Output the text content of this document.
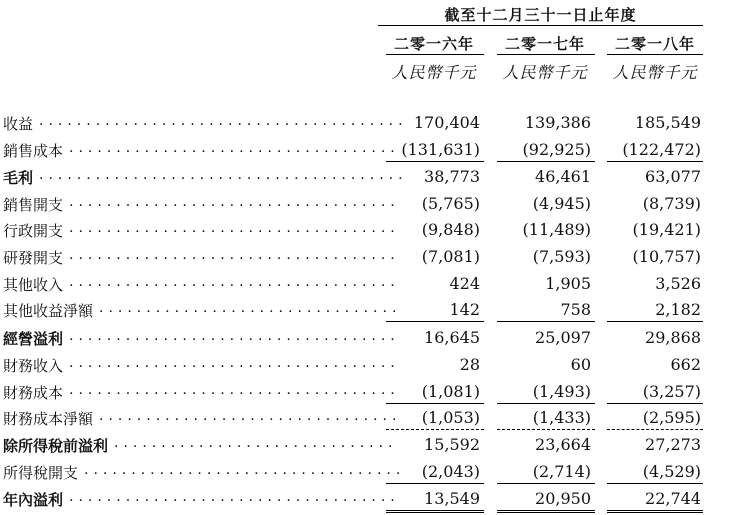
截至十二月三十一日止年度
二零一六年	二零一七年	二零一八年
人民幣千元	人民幣千元	人民幣千元
收益	170,404	139,386	185,549
.......................................
銷售成本	(131,631)	(92,925) (122,472)
...................................
毛利	38,773	46,461	63,077
.......................................
銷售開支	(5,765)	(4,945)	(8,739)
...................................
行政開支	(9,848)	(11,489)	(19,421)
...................................
研發開支	(7,081)	(7,593)	(10,757)
...................................
其他收入	424	1,905	3,526
...................................
其他收益淨額	142	758	2,182
................................
經營溢利	16,645	25,097	29,868
...................................
財務收入	28	60	662
...................................
財務成本	(1,081)	(1,493)	(3,257)
...................................
財務成本淨額	(1,053)	(1,433)	(2,595)
................................
除所得稅前溢利	15,592	23,664	27,273
..............................
所得稅開支	(2,043)	(2,714)	(4,529)
..................................
年內溢利	13,549	20,950	22,744
...................................
